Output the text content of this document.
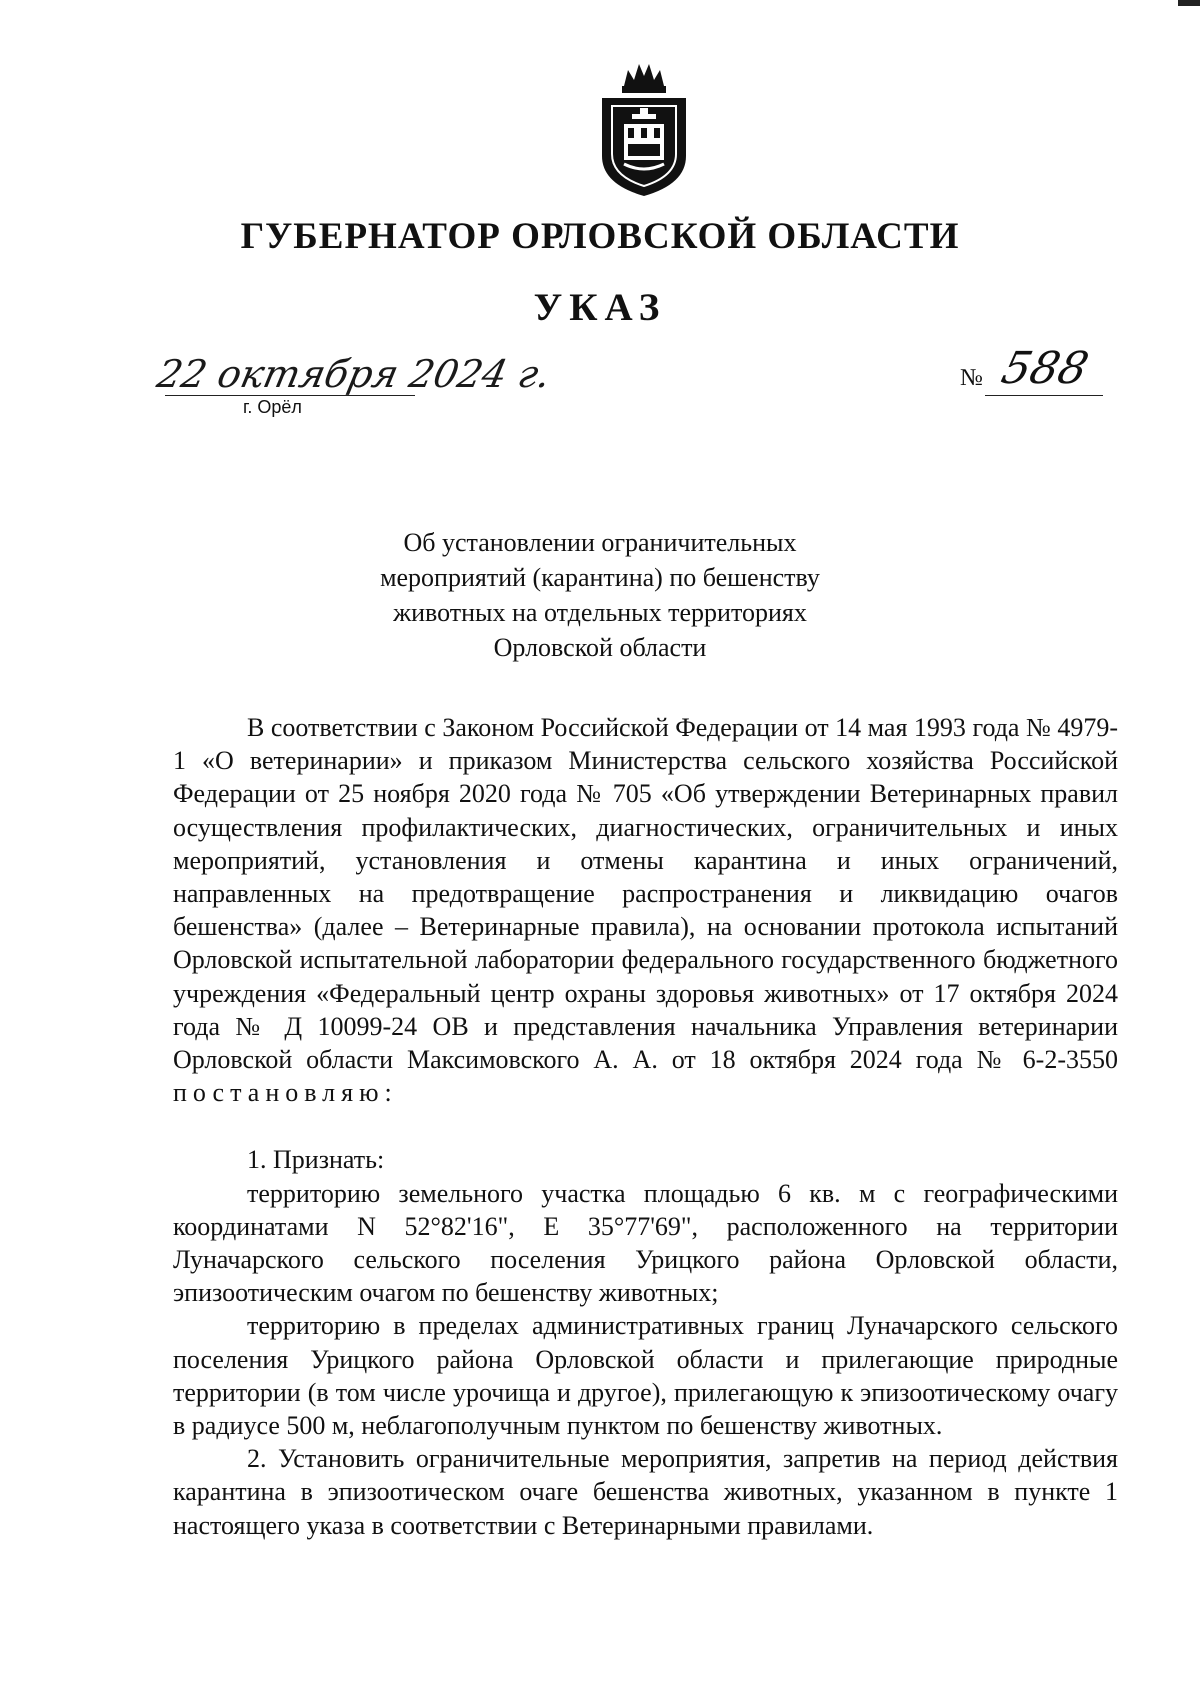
ГУБЕРНАТОР ОРЛОВСКОЙ ОБЛАСТИ
УКАЗ
22 октября 2024 г.
г. Орёл
№ 588
Об установлении ограничительных
мероприятий (карантина) по бешенству
животных на отдельных территориях
Орловской области

В соответствии с Законом Российской Федерации от 14 мая 1993 года № 4979-1 «О ветеринарии» и приказом Министерства сельского хозяйства Российской Федерации от 25 ноября 2020 года № 705 «Об утверждении Ветеринарных правил осуществления профилактических, диагностических, ограничительных и иных мероприятий, установления и отмены карантина и иных ограничений, направленных на предотвращение распространения и ликвидацию очагов бешенства» (далее – Ветеринарные правила), на основании протокола испытаний Орловской испытательной лаборатории федерального государственного бюджетного учреждения «Федеральный центр охраны здоровья животных» от 17 октября 2024 года № Д 10099-24 ОВ и представления начальника Управления ветеринарии Орловской области Максимовского А. А. от 18 октября 2024 года № 6-2-3550 постановляю:

1. Признать:

территорию земельного участка площадью 6 кв. м с географическими координатами N 52°82'16", E 35°77'69", расположенного на территории Луначарского сельского поселения Урицкого района Орловской области, эпизоотическим очагом по бешенству животных;

территорию в пределах административных границ Луначарского сельского поселения Урицкого района Орловской области и прилегающие природные территории (в том числе урочища и другое), прилегающую к эпизоотическому очагу в радиусе 500 м, неблагополучным пунктом по бешенству животных.

2. Установить ограничительные мероприятия, запретив на период действия карантина в эпизоотическом очаге бешенства животных, указанном в пункте 1 настоящего указа в соответствии с Ветеринарными правилами.
